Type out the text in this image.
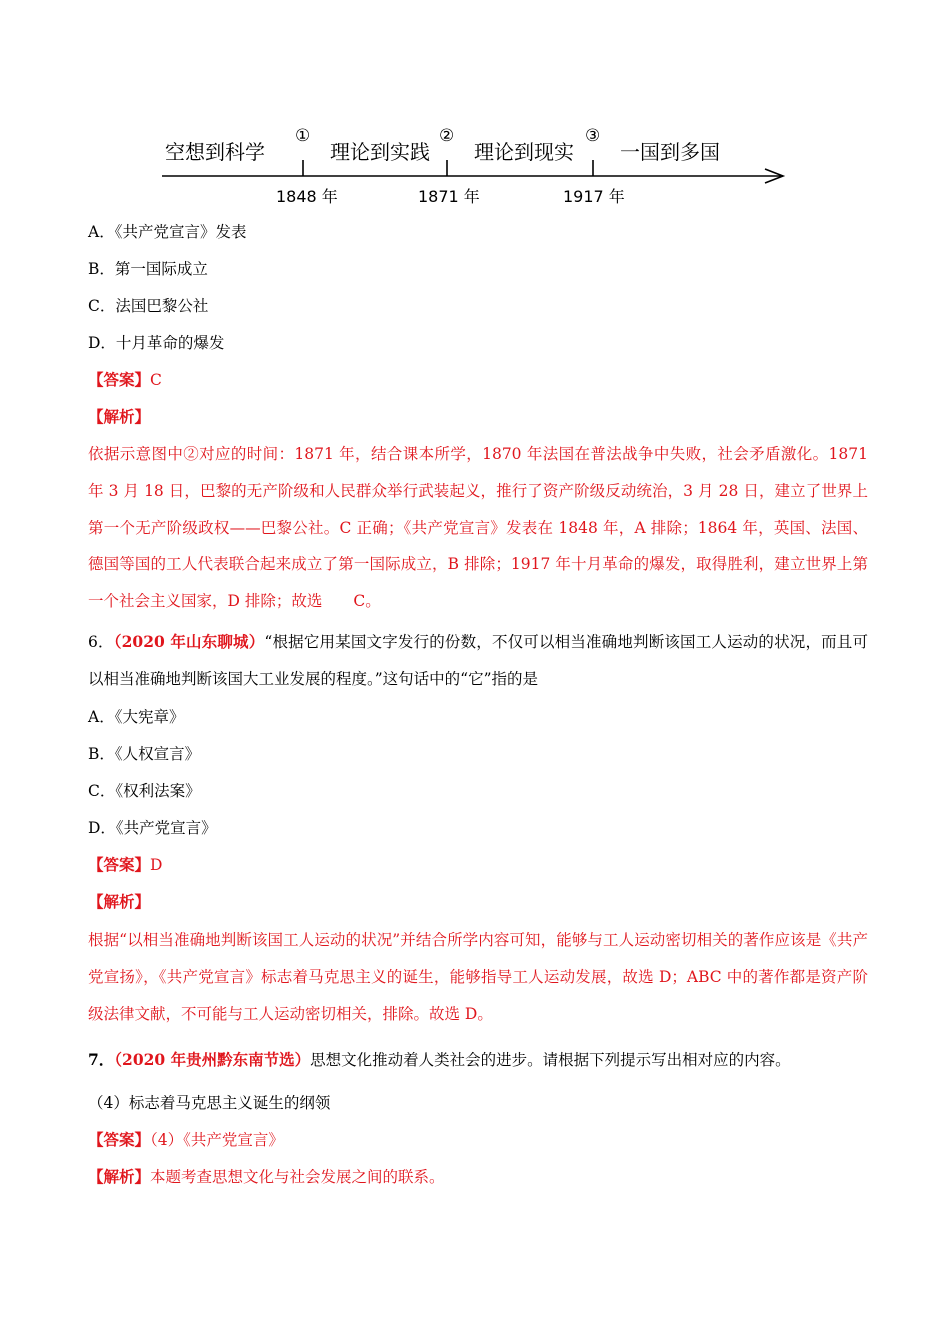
空想到科学	理论到实践 理论到现实 一国到多国
①	②	③
1848 年	1871 年	1917 年
A．《共产党宣言》发表
B．第一国际成立
C．法国巴黎公社
D．十月革命的爆发
【答案】C
【解析】
依据示意图中②对应的时间：1871 年，结合课本所学，1870 年法国在普法战争中失败，社会矛盾激化。1871 年 3 月 18 日，巴黎的无产阶级和人民群众举行武装起义，推行了资产阶级反动统治，3 月 28 日，建立了世界上第一个无产阶级政权——巴黎公社。C 正确；《共产党宣言》发表在 1848 年，A 排除；1864 年，英国、法国、德国等国的工人代表联合起来成立了第一国际成立，B 排除；1917 年十月革命的爆发，取得胜利，建立世界上第一个社会主义国家，D 排除；故选　　C。
6．（2020 年山东聊城）“根据它用某国文字发行的份数，不仅可以相当准确地判断该国工人运动的状况，而且可以相当准确地判断该国大工业发展的程度。”这句话中的“它”指的是
A．《大宪章》
B．《人权宣言》
C．《权利法案》
D．《共产党宣言》
【答案】D
【解析】
根据“以相当准确地判断该国工人运动的状况”并结合所学内容可知，能够与工人运动密切相关的著作应该是《共产党宣扬》，《共产党宣言》标志着马克思主义的诞生，能够指导工人运动发展，故选 D；ABC 中的著作都是资产阶级法律文献，不可能与工人运动密切相关，排除。故选 D。
7．（2020 年贵州黔东南节选）思想文化推动着人类社会的进步。请根据下列提示写出相对应的内容。
（4）标志着马克思主义诞生的纲领
【答案】（4）《共产党宣言》
【解析】本题考查思想文化与社会发展之间的联系。
